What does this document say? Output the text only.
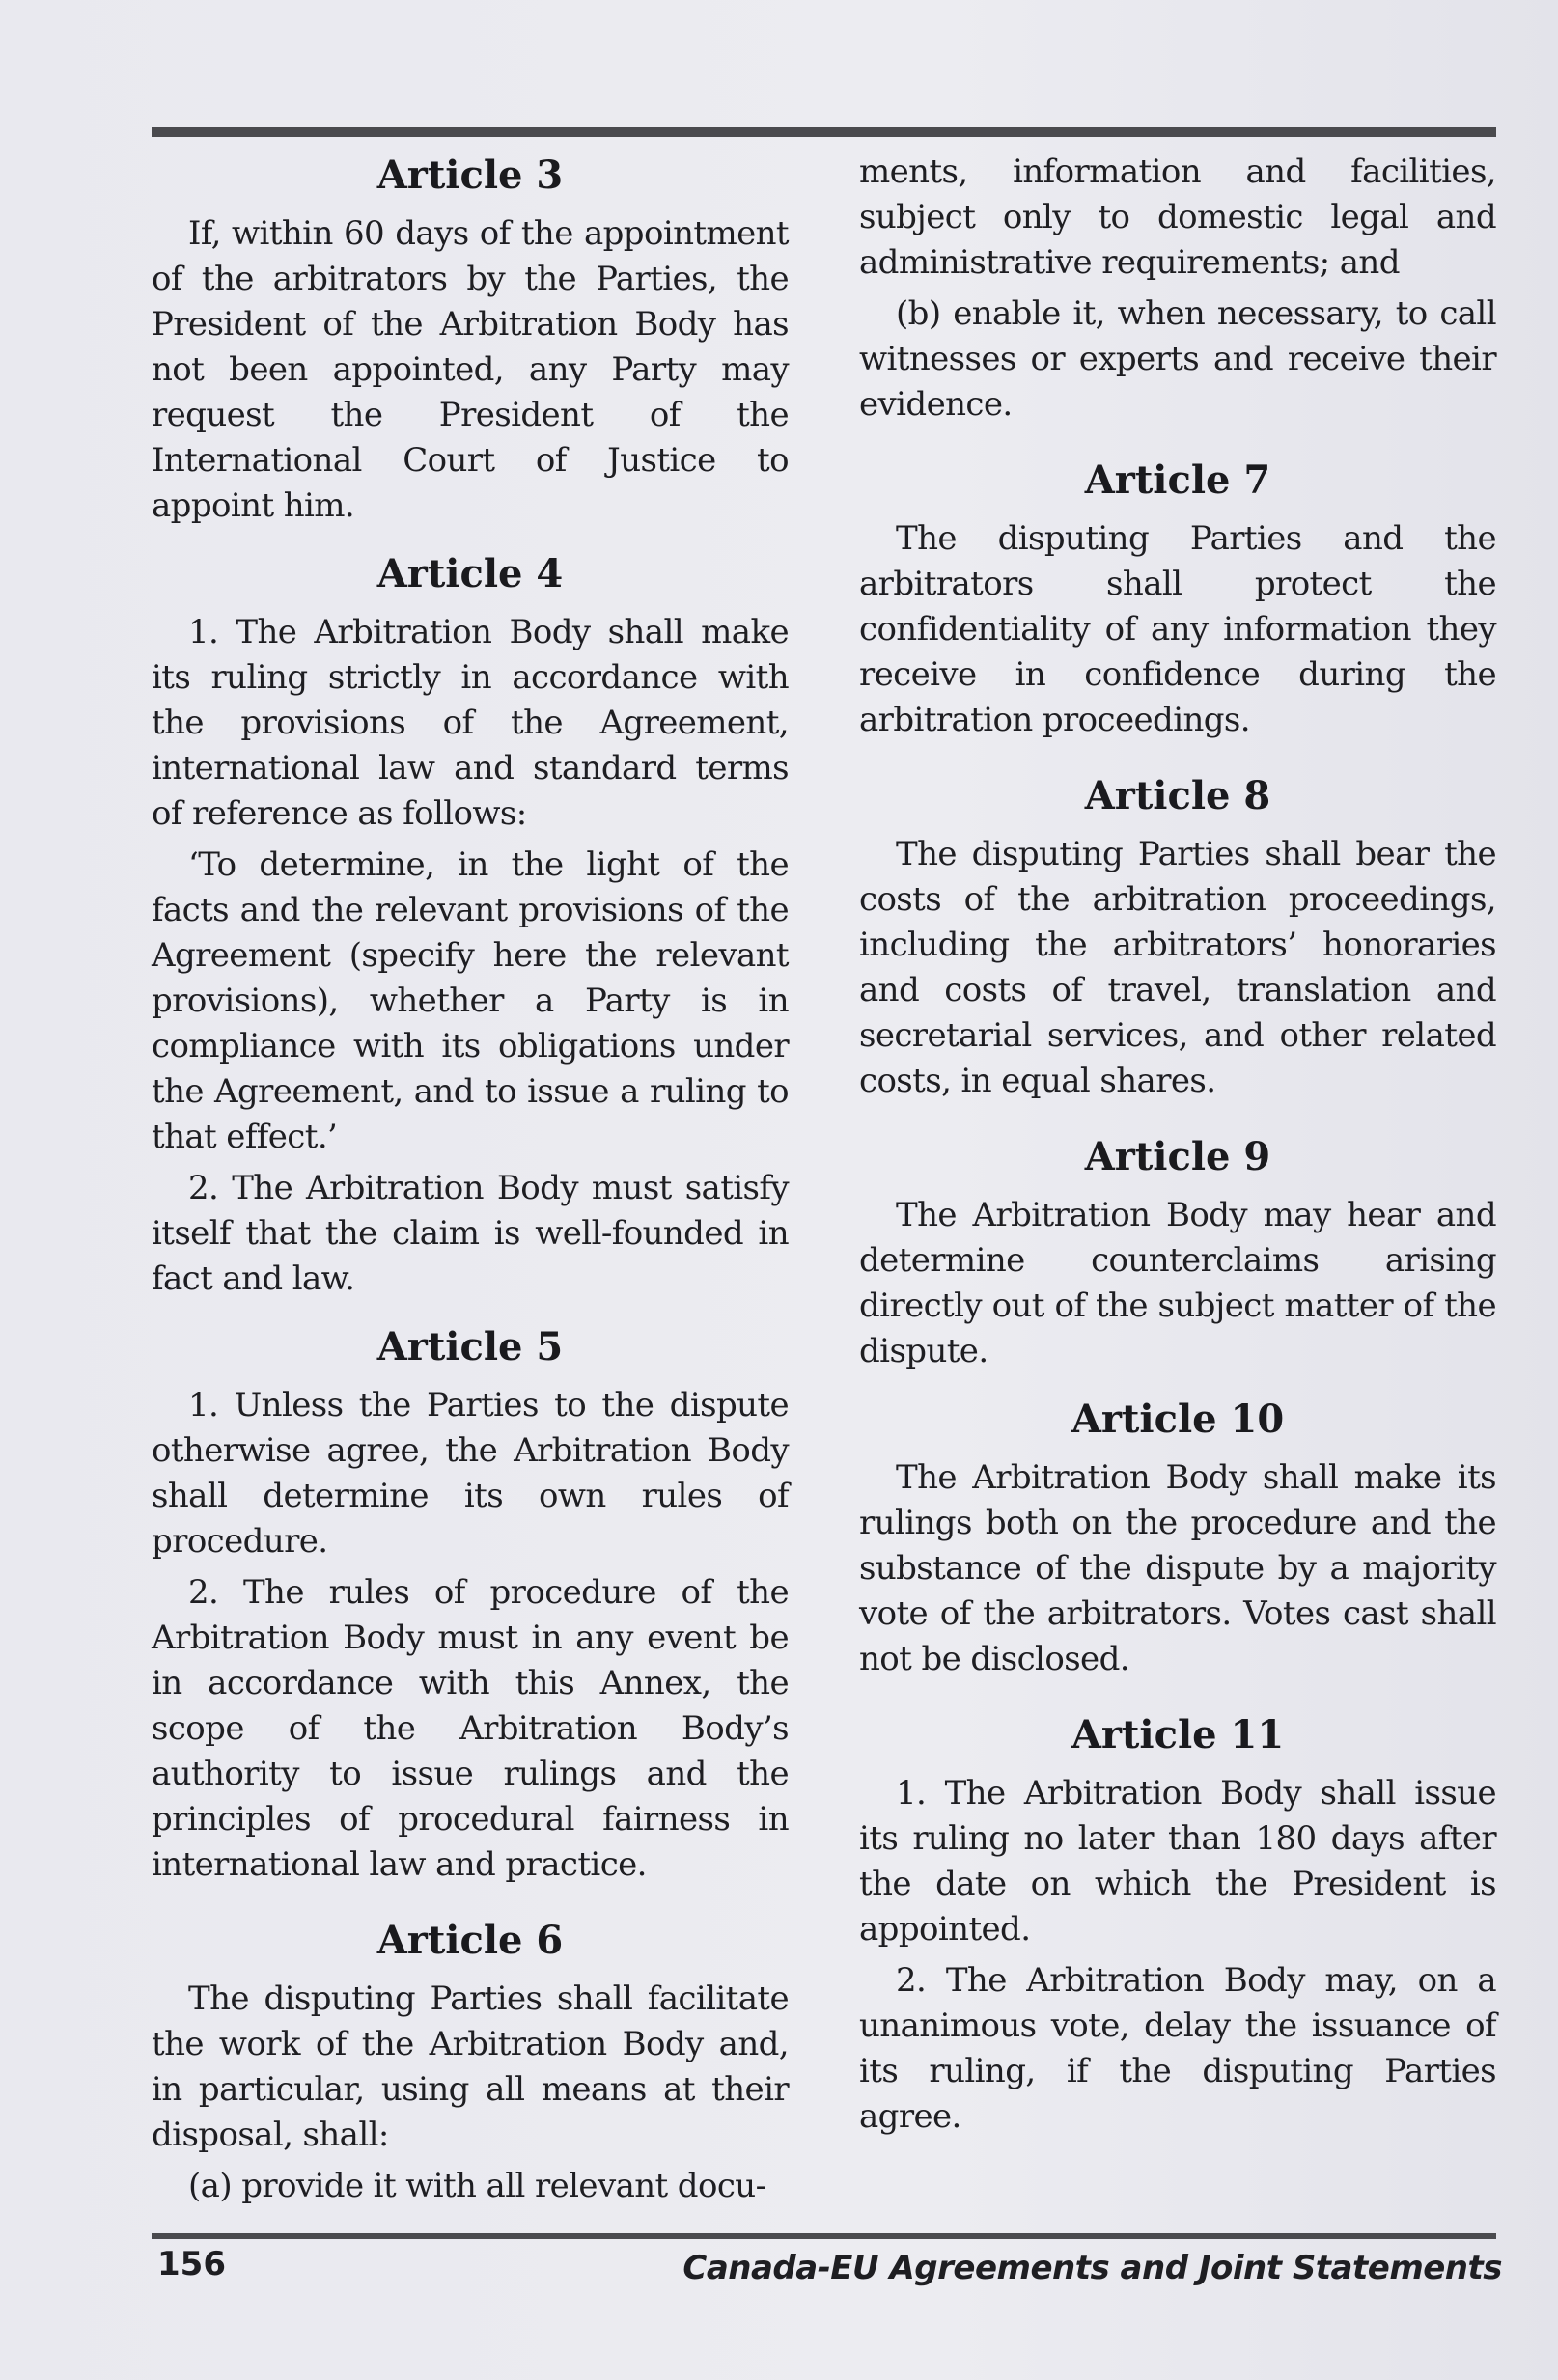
Article 3

If, within 60 days of the appointment of the arbitrators by the Parties, the President of the Arbitration Body has not been appointed, any Party may request the President of the International Court of Justice to appoint him.

Article 4

1. The Arbitration Body shall make its ruling strictly in accordance with the provisions of the Agreement, international law and standard terms of reference as follows:

‘To determine, in the light of the facts and the relevant provisions of the Agreement (specify here the relevant provisions), whether a Party is in compliance with its obligations under the Agreement, and to issue a ruling to that effect.’

2. The Arbitration Body must satisfy itself that the claim is well-founded in fact and law.

Article 5

1. Unless the Parties to the dispute otherwise agree, the Arbitration Body shall determine its own rules of procedure.

2. The rules of procedure of the Arbitration Body must in any event be in accordance with this Annex, the scope of the Arbitration Body’s authority to issue rulings and the principles of procedural fairness in international law and practice.

Article 6

The disputing Parties shall facilitate the work of the Arbitration Body and, in particular, using all means at their disposal, shall:

(a) provide it with all relevant docu-

ments, information and facilities, subject only to domestic legal and administrative requirements; and

(b) enable it, when necessary, to call witnesses or experts and receive their evidence.

Article 7

The disputing Parties and the arbitrators shall protect the confidentiality of any information they receive in confidence during the arbitration proceedings.

Article 8

The disputing Parties shall bear the costs of the arbitration proceedings, including the arbitrators’ honoraries and costs of travel, translation and secretarial services, and other related costs, in equal shares.

Article 9

The Arbitration Body may hear and determine counterclaims arising directly out of the subject matter of the dispute.

Article 10

The Arbitration Body shall make its rulings both on the procedure and the substance of the dispute by a majority vote of the arbitrators. Votes cast shall not be disclosed.

Article 11

1. The Arbitration Body shall issue its ruling no later than 180 days after the date on which the President is appointed.

2. The Arbitration Body may, on a unanimous vote, delay the issuance of its ruling, if the disputing Parties agree.

156	Canada-EU Agreements and Joint Statements
